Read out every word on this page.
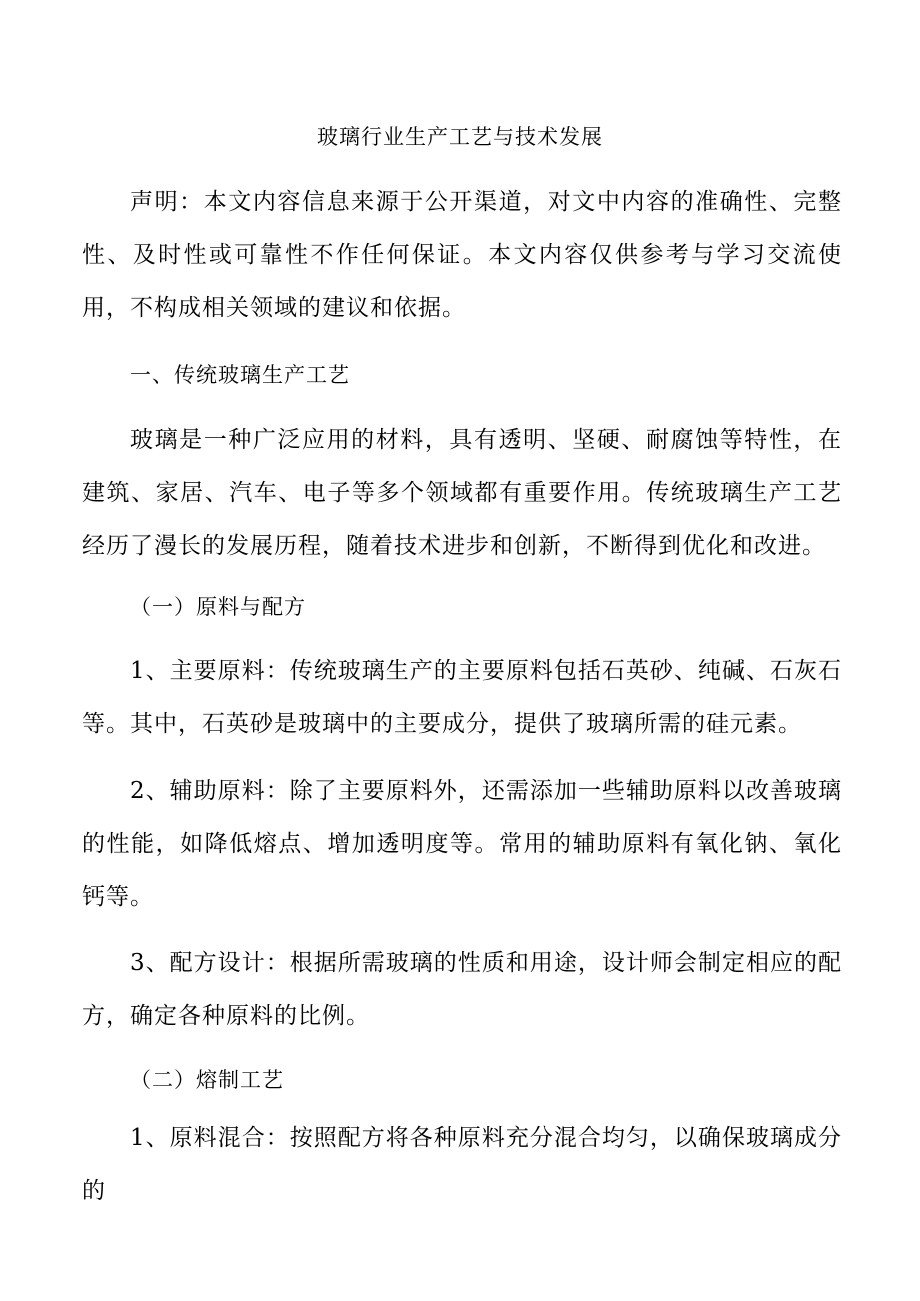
玻璃行业生产工艺与技术发展

声明：本文内容信息来源于公开渠道，对文中内容的准确性、完整性、及时性或可靠性不作任何保证。本文内容仅供参考与学习交流使用，不构成相关领域的建议和依据。

一、传统玻璃生产工艺

玻璃是一种广泛应用的材料，具有透明、坚硬、耐腐蚀等特性，在建筑、家居、汽车、电子等多个领域都有重要作用。传统玻璃生产工艺经历了漫长的发展历程，随着技术进步和创新，不断得到优化和改进。

（一）原料与配方

1、主要原料：传统玻璃生产的主要原料包括石英砂、纯碱、石灰石等。其中，石英砂是玻璃中的主要成分，提供了玻璃所需的硅元素。

2、辅助原料：除了主要原料外，还需添加一些辅助原料以改善玻璃的性能，如降低熔点、增加透明度等。常用的辅助原料有氧化钠、氧化钙等。

3、配方设计：根据所需玻璃的性质和用途，设计师会制定相应的配方，确定各种原料的比例。

（二）熔制工艺

1、原料混合：按照配方将各种原料充分混合均匀，以确保玻璃成分的
